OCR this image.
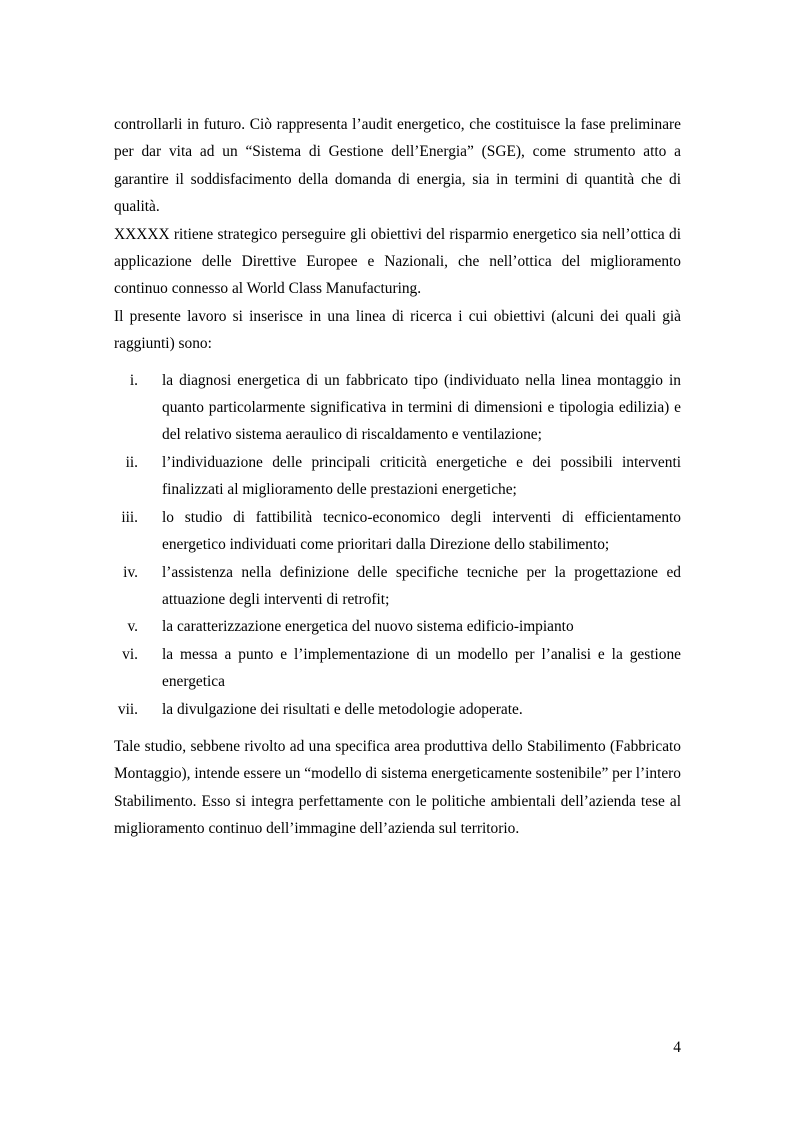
controllarli in futuro. Ciò rappresenta l’audit energetico, che costituisce la fase preliminare per dar vita ad un “Sistema di Gestione dell’Energia” (SGE), come strumento atto a garantire il soddisfacimento della domanda di energia, sia in termini di quantità che di qualità.

XXXXX ritiene strategico perseguire gli obiettivi del risparmio energetico sia nell’ottica di applicazione delle Direttive Europee e Nazionali, che nell’ottica del miglioramento continuo connesso al World Class Manufacturing.

Il presente lavoro si inserisce in una linea di ricerca i cui obiettivi (alcuni dei quali già raggiunti) sono:

i. la diagnosi energetica di un fabbricato tipo (individuato nella linea montaggio in quanto particolarmente significativa in termini di dimensioni e tipologia edilizia) e del relativo sistema aeraulico di riscaldamento e ventilazione;
ii. l’individuazione delle principali criticità energetiche e dei possibili interventi finalizzati al miglioramento delle prestazioni energetiche;
iii. lo studio di fattibilità tecnico-economico degli interventi di efficientamento energetico individuati come prioritari dalla Direzione dello stabilimento;
iv. l’assistenza nella definizione delle specifiche tecniche per la progettazione ed attuazione degli interventi di retrofit;
v. la caratterizzazione energetica del nuovo sistema edificio-impianto
vi. la messa a punto e l’implementazione di un modello per l’analisi e la gestione energetica
vii. la divulgazione dei risultati e delle metodologie adoperate.

Tale studio, sebbene rivolto ad una specifica area produttiva dello Stabilimento (Fabbricato Montaggio), intende essere un “modello di sistema energeticamente sostenibile” per l’intero Stabilimento. Esso si integra perfettamente con le politiche ambientali dell’azienda tese al miglioramento continuo dell’immagine dell’azienda sul territorio.

4
